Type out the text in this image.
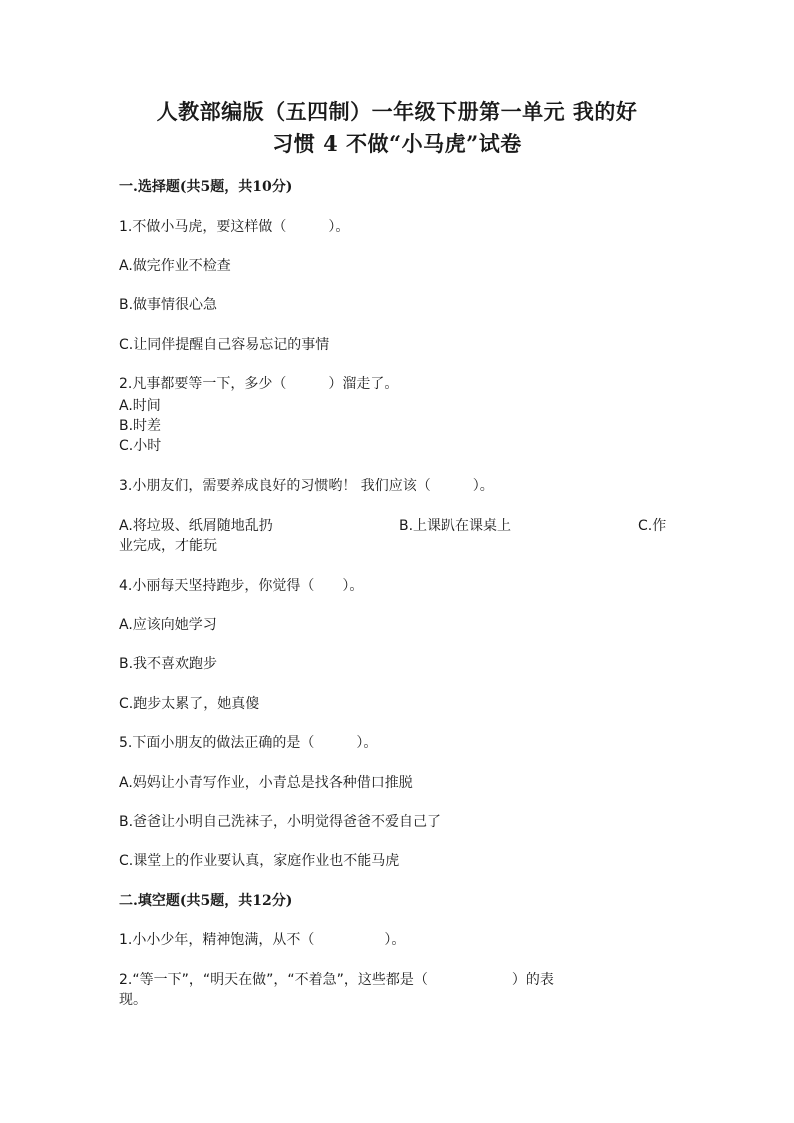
人教部编版（五四制）一年级下册第一单元 我的好
习惯 4 不做“小马虎”试卷
一.选择题(共5题，共10分)
1.不做小马虎，要这样做（　　　）。
A.做完作业不检查
B.做事情很心急
C.让同伴提醒自己容易忘记的事情
2.凡事都要等一下，多少（　　　）溜走了。
A.时间
B.时差
C.小时
3.小朋友们，需要养成良好的习惯哟！ 我们应该（　　　）。
A.将垃圾、纸屑随地乱扔	B.上课趴在课桌上	C.作
业完成，才能玩
4.小丽每天坚持跑步，你觉得（　　）。
A.应该向她学习
B.我不喜欢跑步
C.跑步太累了，她真傻
5.下面小朋友的做法正确的是（　　　）。
A.妈妈让小青写作业，小青总是找各种借口推脱
B.爸爸让小明自己洗袜子，小明觉得爸爸不爱自己了
C.课堂上的作业要认真，家庭作业也不能马虎
二.填空题(共5题，共12分)
1.小小少年，精神饱满，从不（　　　　　）。
2.“等一下”，“明天在做”，“不着急”，这些都是（　　　　　　）的表
现。
